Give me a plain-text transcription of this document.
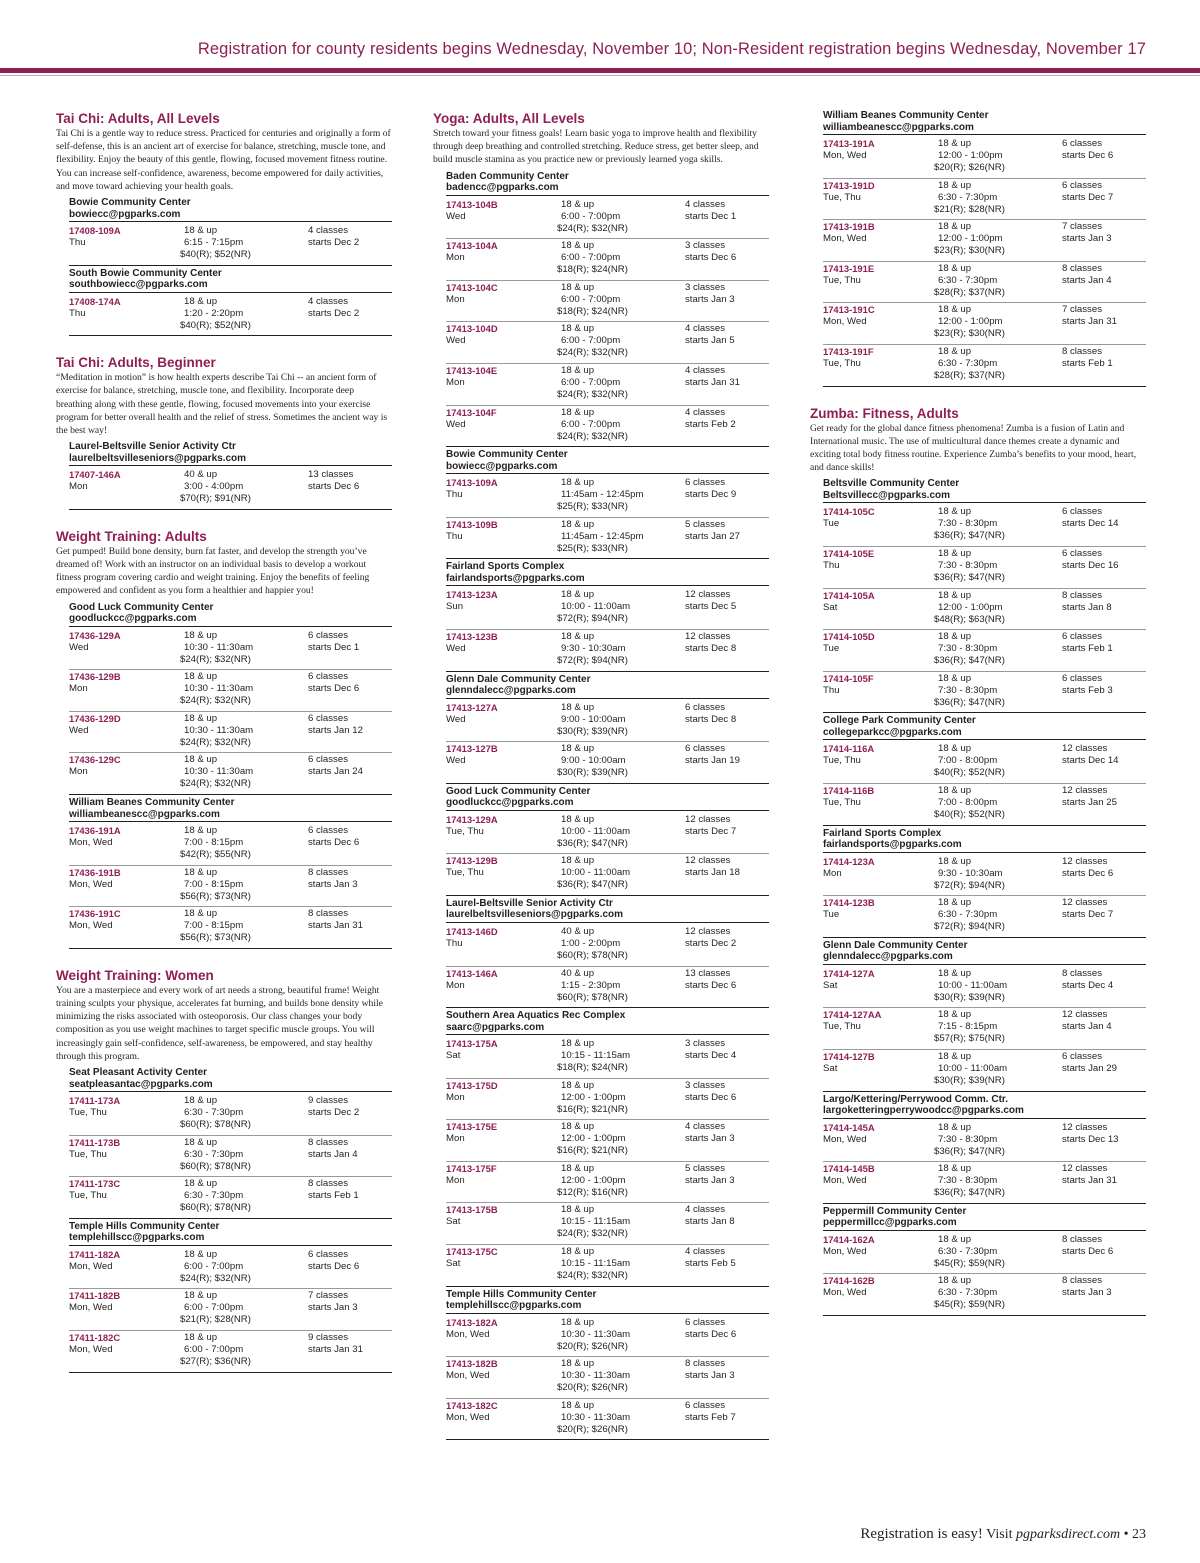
Registration for county residents begins Wednesday, November 10; Non-Resident registration begins Wednesday, November 17
Tai Chi: Adults, All Levels
Tai Chi is a gentle way to reduce stress. Practiced for centuries and originally a form of self-defense, this is an ancient art of exercise for balance, stretching, muscle tone, and flexibility. Enjoy the beauty of this gentle, flowing, focused movement fitness routine. You can increase self-confidence, awareness, become empowered for daily activities, and move toward achieving your health goals.
Bowie Community Center
bowiecc@pgparks.com
17408-109A
Thu
18 & up
6:15 - 7:15pm
$40(R); $52(NR)
4 classes
starts Dec 2
South Bowie Community Center
southbowiecc@pgparks.com
17408-174A
Thu
18 & up
1:20 - 2:20pm
$40(R); $52(NR)
4 classes
starts Dec 2
Tai Chi: Adults, Beginner
“Meditation in motion” is how health experts describe Tai Chi -- an ancient form of exercise for balance, stretching, muscle tone, and flexibility. Incorporate deep breathing along with these gentle, flowing, focused movements into your exercise program for better overall health and the relief of stress. Sometimes the ancient way is the best way!
Laurel-Beltsville Senior Activity Ctr
laurelbeltsvilleseniors@pgparks.com
17407-146A
Mon
40 & up
3:00 - 4:00pm
$70(R); $91(NR)
13 classes
starts Dec 6
Weight Training: Adults
Get pumped! Build bone density, burn fat faster, and develop the strength you’ve dreamed of! Work with an instructor on an individual basis to develop a workout fitness program covering cardio and weight training. Enjoy the benefits of feeling empowered and confident as you form a healthier and happier you!
Good Luck Community Center
goodluckcc@pgparks.com
17436-129A
Wed
18 & up
10:30 - 11:30am
$24(R); $32(NR)
6 classes
starts Dec 1
17436-129B
Mon
18 & up
10:30 - 11:30am
$24(R); $32(NR)
6 classes
starts Dec 6
17436-129D
Wed
18 & up
10:30 - 11:30am
$24(R); $32(NR)
6 classes
starts Jan 12
17436-129C
Mon
18 & up
10:30 - 11:30am
$24(R); $32(NR)
6 classes
starts Jan 24
William Beanes Community Center
williambeanescc@pgparks.com
17436-191A
Mon, Wed
18 & up
7:00 - 8:15pm
$42(R); $55(NR)
6 classes
starts Dec 6
17436-191B
Mon, Wed
18 & up
7:00 - 8:15pm
$56(R); $73(NR)
8 classes
starts Jan 3
17436-191C
Mon, Wed
18 & up
7:00 - 8:15pm
$56(R); $73(NR)
8 classes
starts Jan 31
Weight Training: Women
You are a masterpiece and every work of art needs a strong, beautiful frame! Weight training sculpts your physique, accelerates fat burning, and builds bone density while minimizing the risks associated with osteoporosis. Our class changes your body composition as you use weight machines to target specific muscle groups. You will increasingly gain self-confidence, self-awareness, be empowered, and stay healthy through this program.
Seat Pleasant Activity Center
seatpleasantac@pgparks.com
17411-173A
Tue, Thu
18 & up
6:30 - 7:30pm
$60(R); $78(NR)
9 classes
starts Dec 2
17411-173B
Tue, Thu
18 & up
6:30 - 7:30pm
$60(R); $78(NR)
8 classes
starts Jan 4
17411-173C
Tue, Thu
18 & up
6:30 - 7:30pm
$60(R); $78(NR)
8 classes
starts Feb 1
Temple Hills Community Center
templehillscc@pgparks.com
17411-182A
Mon, Wed
18 & up
6:00 - 7:00pm
$24(R); $32(NR)
6 classes
starts Dec 6
17411-182B
Mon, Wed
18 & up
6:00 - 7:00pm
$21(R); $28(NR)
7 classes
starts Jan 3
17411-182C
Mon, Wed
18 & up
6:00 - 7:00pm
$27(R); $36(NR)
9 classes
starts Jan 31
Yoga: Adults, All Levels
Stretch toward your fitness goals! Learn basic yoga to improve health and flexibility through deep breathing and controlled stretching. Reduce stress, get better sleep, and build muscle stamina as you practice new or previously learned yoga skills.
Baden Community Center
badencc@pgparks.com
17413-104B
Wed
18 & up
6:00 - 7:00pm
$24(R); $32(NR)
4 classes
starts Dec 1
17413-104A
Mon
18 & up
6:00 - 7:00pm
$18(R); $24(NR)
3 classes
starts Dec 6
17413-104C
Mon
18 & up
6:00 - 7:00pm
$18(R); $24(NR)
3 classes
starts Jan 3
17413-104D
Wed
18 & up
6:00 - 7:00pm
$24(R); $32(NR)
4 classes
starts Jan 5
17413-104E
Mon
18 & up
6:00 - 7:00pm
$24(R); $32(NR)
4 classes
starts Jan 31
17413-104F
Wed
18 & up
6:00 - 7:00pm
$24(R); $32(NR)
4 classes
starts Feb 2
Bowie Community Center
bowiecc@pgparks.com
17413-109A
Thu
18 & up
11:45am - 12:45pm
$25(R); $33(NR)
6 classes
starts Dec 9
17413-109B
Thu
18 & up
11:45am - 12:45pm
$25(R); $33(NR)
5 classes
starts Jan 27
Fairland Sports Complex
fairlandsports@pgparks.com
17413-123A
Sun
18 & up
10:00 - 11:00am
$72(R); $94(NR)
12 classes
starts Dec 5
17413-123B
Wed
18 & up
9:30 - 10:30am
$72(R); $94(NR)
12 classes
starts Dec 8
Glenn Dale Community Center
glenndalecc@pgparks.com
17413-127A
Wed
18 & up
9:00 - 10:00am
$30(R); $39(NR)
6 classes
starts Dec 8
17413-127B
Wed
18 & up
9:00 - 10:00am
$30(R); $39(NR)
6 classes
starts Jan 19
Good Luck Community Center
goodluckcc@pgparks.com
17413-129A
Tue, Thu
18 & up
10:00 - 11:00am
$36(R); $47(NR)
12 classes
starts Dec 7
17413-129B
Tue, Thu
18 & up
10:00 - 11:00am
$36(R); $47(NR)
12 classes
starts Jan 18
Laurel-Beltsville Senior Activity Ctr
laurelbeltsvilleseniors@pgparks.com
17413-146D
Thu
40 & up
1:00 - 2:00pm
$60(R); $78(NR)
12 classes
starts Dec 2
17413-146A
Mon
40 & up
1:15 - 2:30pm
$60(R); $78(NR)
13 classes
starts Dec 6
Southern Area Aquatics Rec Complex
saarc@pgparks.com
17413-175A
Sat
18 & up
10:15 - 11:15am
$18(R); $24(NR)
3 classes
starts Dec 4
17413-175D
Mon
18 & up
12:00 - 1:00pm
$16(R); $21(NR)
3 classes
starts Dec 6
17413-175E
Mon
18 & up
12:00 - 1:00pm
$16(R); $21(NR)
4 classes
starts Jan 3
17413-175F
Mon
18 & up
12:00 - 1:00pm
$12(R); $16(NR)
5 classes
starts Jan 3
17413-175B
Sat
18 & up
10:15 - 11:15am
$24(R); $32(NR)
4 classes
starts Jan 8
17413-175C
Sat
18 & up
10:15 - 11:15am
$24(R); $32(NR)
4 classes
starts Feb 5
Temple Hills Community Center
templehillscc@pgparks.com
17413-182A
Mon, Wed
18 & up
10:30 - 11:30am
$20(R); $26(NR)
6 classes
starts Dec 6
17413-182B
Mon, Wed
18 & up
10:30 - 11:30am
$20(R); $26(NR)
8 classes
starts Jan 3
17413-182C
Mon, Wed
18 & up
10:30 - 11:30am
$20(R); $26(NR)
6 classes
starts Feb 7
William Beanes Community Center
williambeanescc@pgparks.com
17413-191A
Mon, Wed
18 & up
12:00 - 1:00pm
$20(R); $26(NR)
6 classes
starts Dec 6
17413-191D
Tue, Thu
18 & up
6:30 - 7:30pm
$21(R); $28(NR)
6 classes
starts Dec 7
17413-191B
Mon, Wed
18 & up
12:00 - 1:00pm
$23(R); $30(NR)
7 classes
starts Jan 3
17413-191E
Tue, Thu
18 & up
6:30 - 7:30pm
$28(R); $37(NR)
8 classes
starts Jan 4
17413-191C
Mon, Wed
18 & up
12:00 - 1:00pm
$23(R); $30(NR)
7 classes
starts Jan 31
17413-191F
Tue, Thu
18 & up
6:30 - 7:30pm
$28(R); $37(NR)
8 classes
starts Feb 1
Zumba: Fitness, Adults
Get ready for the global dance fitness phenomena! Zumba is a fusion of Latin and International music. The use of multicultural dance themes create a dynamic and exciting total body fitness routine. Experience Zumba’s benefits to your mood, heart, and dance skills!
Beltsville Community Center
Beltsvillecc@pgparks.com
17414-105C
Tue
18 & up
7:30 - 8:30pm
$36(R); $47(NR)
6 classes
starts Dec 14
17414-105E
Thu
18 & up
7:30 - 8:30pm
$36(R); $47(NR)
6 classes
starts Dec 16
17414-105A
Sat
18 & up
12:00 - 1:00pm
$48(R); $63(NR)
8 classes
starts Jan 8
17414-105D
Tue
18 & up
7:30 - 8:30pm
$36(R); $47(NR)
6 classes
starts Feb 1
17414-105F
Thu
18 & up
7:30 - 8:30pm
$36(R); $47(NR)
6 classes
starts Feb 3
College Park Community Center
collegeparkcc@pgparks.com
17414-116A
Tue, Thu
18 & up
7:00 - 8:00pm
$40(R); $52(NR)
12 classes
starts Dec 14
17414-116B
Tue, Thu
18 & up
7:00 - 8:00pm
$40(R); $52(NR)
12 classes
starts Jan 25
Fairland Sports Complex
fairlandsports@pgparks.com
17414-123A
Mon
18 & up
9:30 - 10:30am
$72(R); $94(NR)
12 classes
starts Dec 6
17414-123B
Tue
18 & up
6:30 - 7:30pm
$72(R); $94(NR)
12 classes
starts Dec 7
Glenn Dale Community Center
glenndalecc@pgparks.com
17414-127A
Sat
18 & up
10:00 - 11:00am
$30(R); $39(NR)
8 classes
starts Dec 4
17414-127AA
Tue, Thu
18 & up
7:15 - 8:15pm
$57(R); $75(NR)
12 classes
starts Jan 4
17414-127B
Sat
18 & up
10:00 - 11:00am
$30(R); $39(NR)
6 classes
starts Jan 29
Largo/Kettering/Perrywood Comm. Ctr.
largoketteringperrywoodcc@pgparks.com
17414-145A
Mon, Wed
18 & up
7:30 - 8:30pm
$36(R); $47(NR)
12 classes
starts Dec 13
17414-145B
Mon, Wed
18 & up
7:30 - 8:30pm
$36(R); $47(NR)
12 classes
starts Jan 31
Peppermill Community Center
peppermillcc@pgparks.com
17414-162A
Mon, Wed
18 & up
6:30 - 7:30pm
$45(R); $59(NR)
8 classes
starts Dec 6
17414-162B
Mon, Wed
18 & up
6:30 - 7:30pm
$45(R); $59(NR)
8 classes
starts Jan 3
Registration is easy! Visit pgparksdirect.com • 23
